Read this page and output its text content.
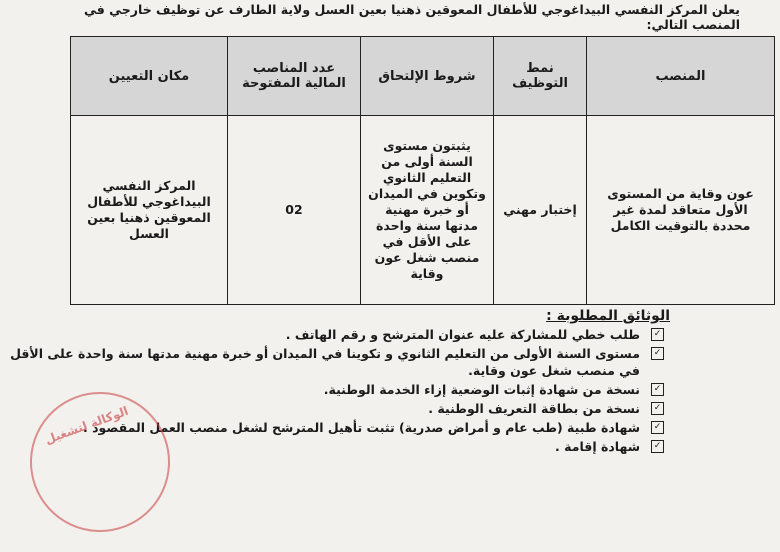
يعلن المركز النفسي البيداغوجي للأطفال المعوقين ذهنيا بعين العسل ولاية الطارف عن توظيف خارجي في المنصب التالي:
المنصب	نمط التوظيف	شروط الإلتحاق	عدد المناصب المالية المفتوحة	مكان التعيين
عون وقاية من المستوى الأول متعاقد لمدة غير محددة بالتوقيت الكامل	إختبار مهني	يثبتون مستوى السنة أولى من التعليم الثانوي وتكوين في الميدان أو خبرة مهنية مدتها سنة واحدة على الأقل في منصب شغل عون وقاية	02	المركز النفسي البيداغوجي للأطفال المعوقين ذهنيا بعين العسل
الوثائق المطلوبة :
✓
طلب خطي للمشاركة عليه عنوان المترشح و رقم الهاتف .
✓
مستوى السنة الأولى من التعليم الثانوي و تكوينا في الميدان أو خبرة مهنية مدتها سنة واحدة على الأقل في منصب شغل عون وقاية.
✓
نسخة من شهادة إثبات الوضعية إزاء الخدمة الوطنية.
✓
نسخة من بطاقة التعريف الوطنية .
✓
شهادة طبية (طب عام و أمراض صدرية) تثبت تأهيل المترشح لشغل منصب العمل المقصود .
✓
شهادة إقامة .
الوكالة لتشغيل
